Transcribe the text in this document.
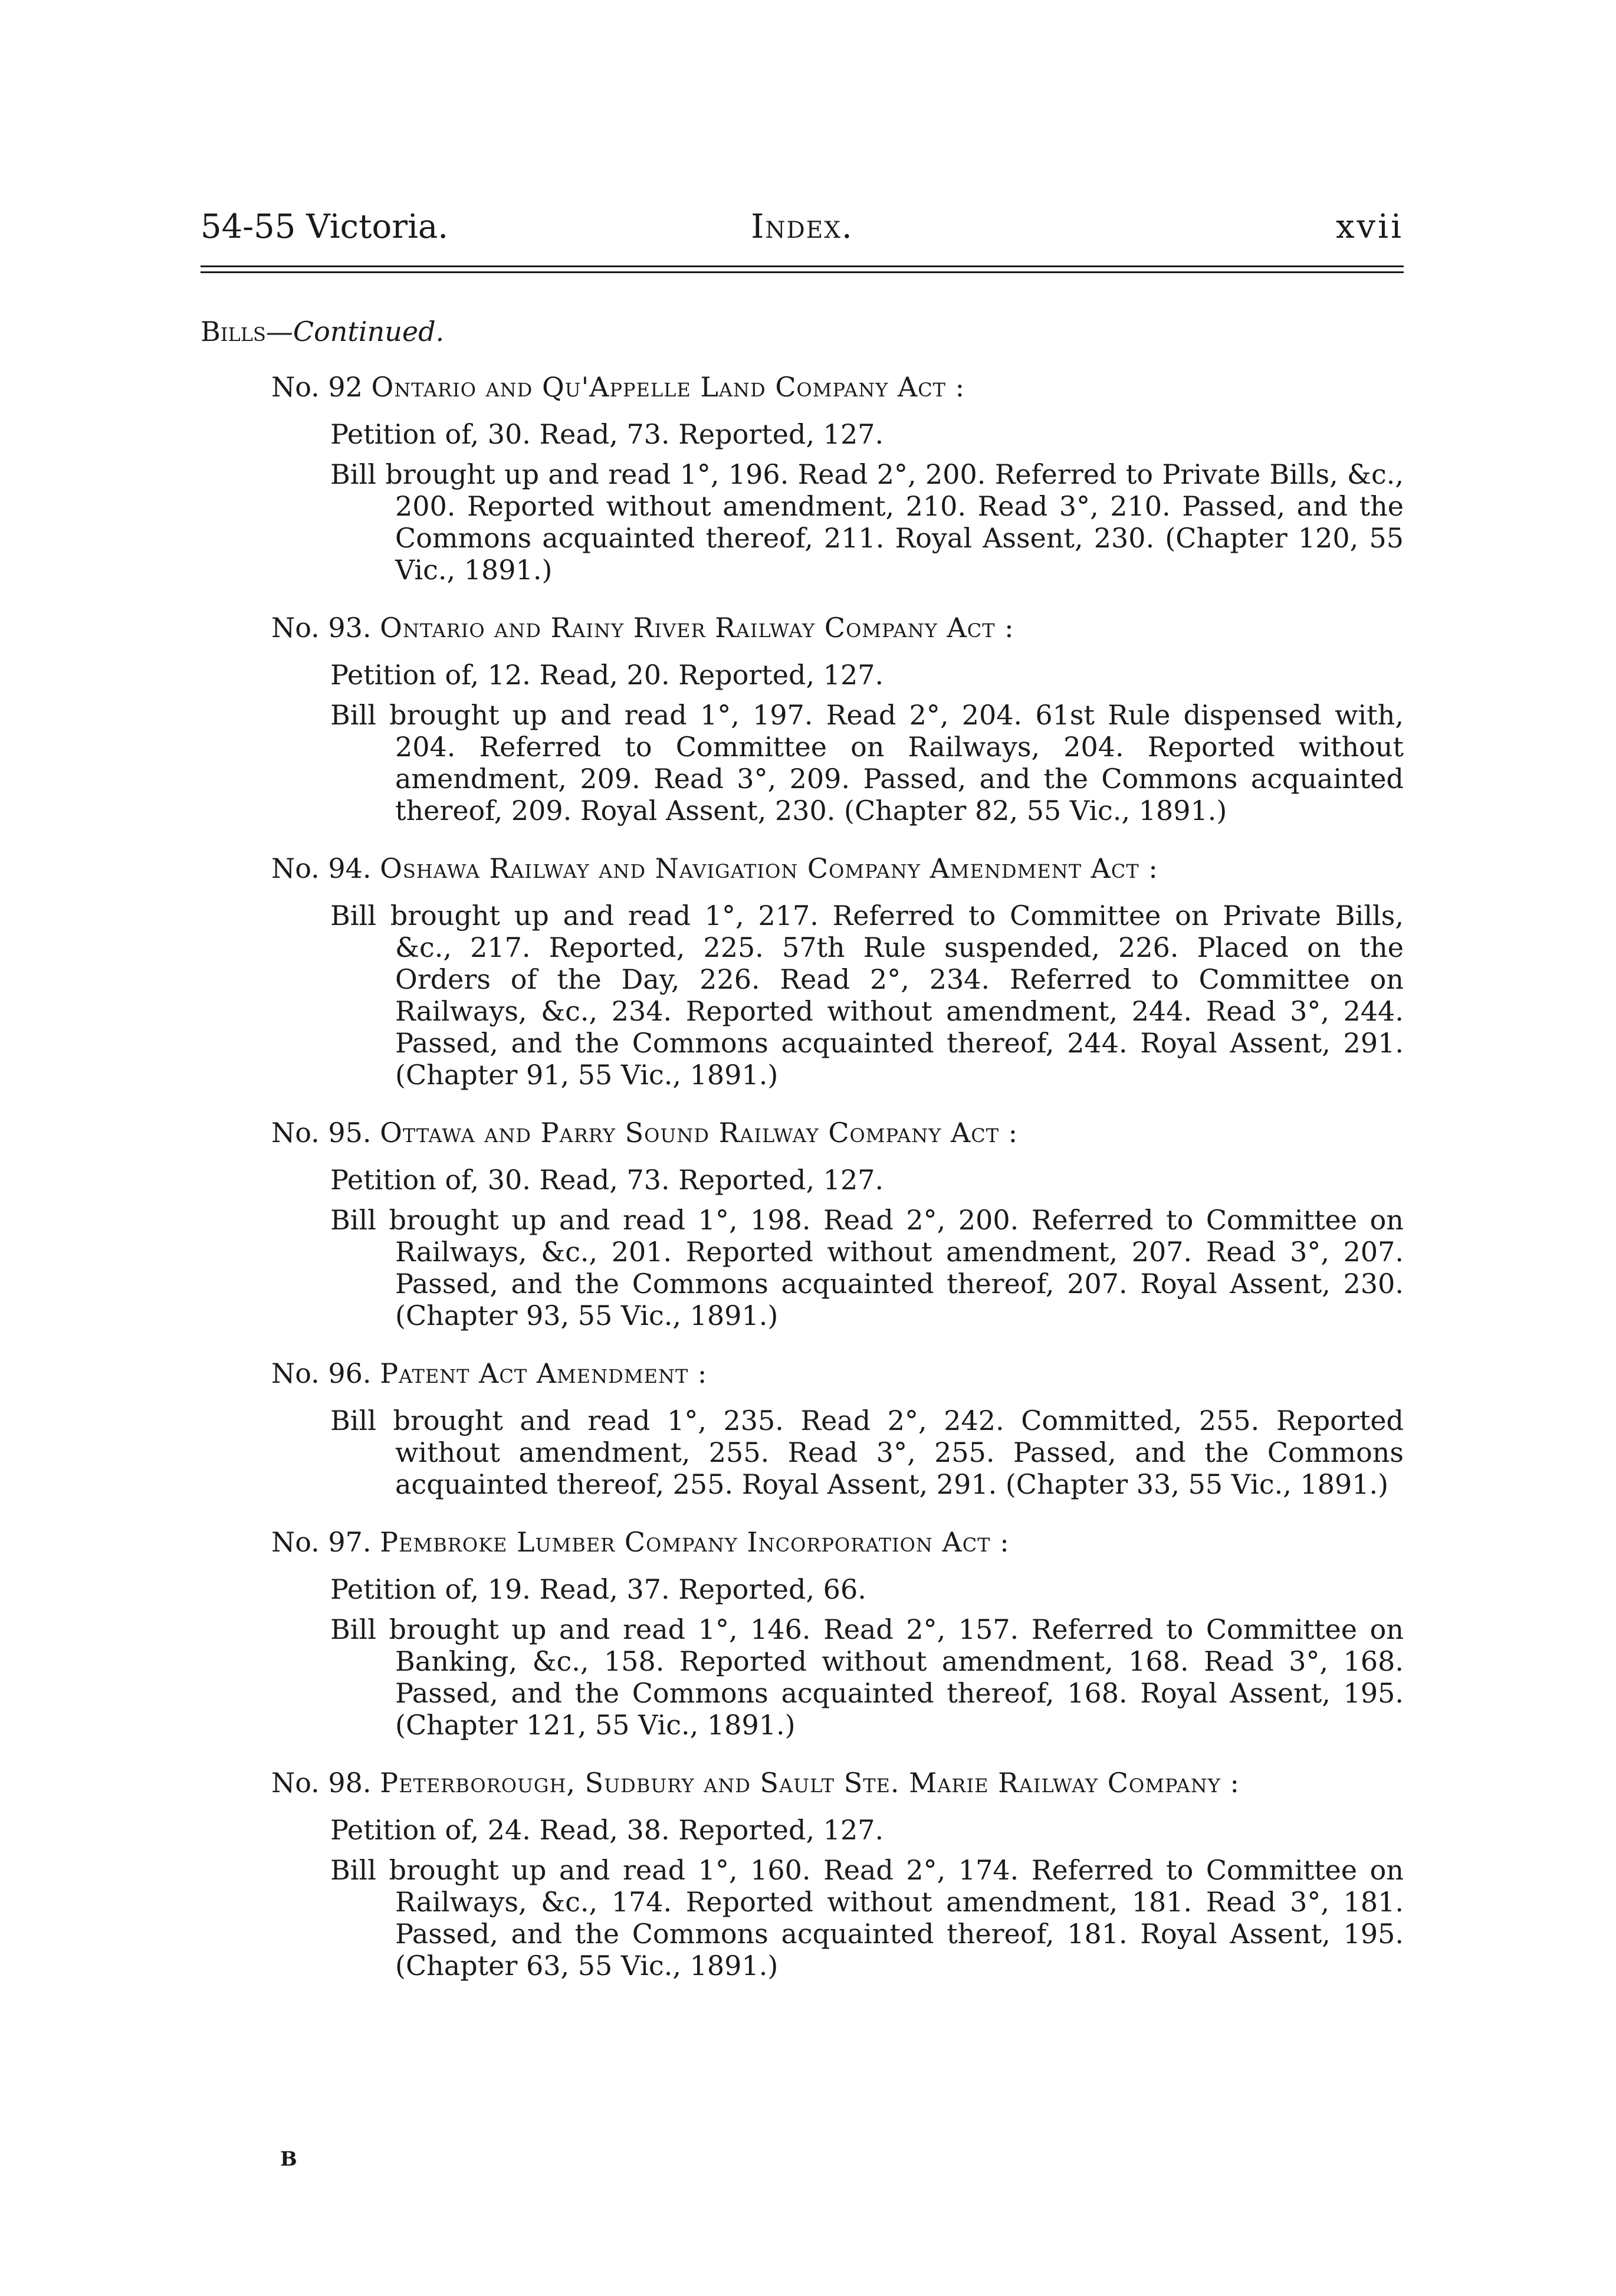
54-55 Victoria.	Index.	xvii
Bills—Continued.
No. 92 Ontario and Qu'Appelle Land Company Act :
Petition of, 30. Read, 73. Reported, 127.
Bill brought up and read 1°, 196. Read 2°, 200. Referred to Private Bills, &c., 200. Reported without amendment, 210. Read 3°, 210. Passed, and the Commons acquainted thereof, 211. Royal Assent, 230. (Chapter 120, 55 Vic., 1891.)
No. 93. Ontario and Rainy River Railway Company Act :
Petition of, 12. Read, 20. Reported, 127.
Bill brought up and read 1°, 197. Read 2°, 204. 61st Rule dispensed with, 204. Referred to Committee on Railways, 204. Reported without amendment, 209. Read 3°, 209. Passed, and the Commons acquainted thereof, 209. Royal Assent, 230. (Chapter 82, 55 Vic., 1891.)
No. 94. Oshawa Railway and Navigation Company Amendment Act :
Bill brought up and read 1°, 217. Referred to Committee on Private Bills, &c., 217. Reported, 225. 57th Rule suspended, 226. Placed on the Orders of the Day, 226. Read 2°, 234. Referred to Committee on Railways, &c., 234. Reported without amendment, 244. Read 3°, 244. Passed, and the Commons acquainted thereof, 244. Royal Assent, 291. (Chapter 91, 55 Vic., 1891.)
No. 95. Ottawa and Parry Sound Railway Company Act :
Petition of, 30. Read, 73. Reported, 127.
Bill brought up and read 1°, 198. Read 2°, 200. Referred to Committee on Railways, &c., 201. Reported without amendment, 207. Read 3°, 207. Passed, and the Commons acquainted thereof, 207. Royal Assent, 230. (Chapter 93, 55 Vic., 1891.)
No. 96. Patent Act Amendment :
Bill brought and read 1°, 235. Read 2°, 242. Committed, 255. Reported without amendment, 255. Read 3°, 255. Passed, and the Commons acquainted thereof, 255. Royal Assent, 291. (Chapter 33, 55 Vic., 1891.)
No. 97. Pembroke Lumber Company Incorporation Act :
Petition of, 19. Read, 37. Reported, 66.
Bill brought up and read 1°, 146. Read 2°, 157. Referred to Committee on Banking, &c., 158. Reported without amendment, 168. Read 3°, 168. Passed, and the Commons acquainted thereof, 168. Royal Assent, 195. (Chapter 121, 55 Vic., 1891.)
No. 98. Peterborough, Sudbury and Sault Ste. Marie Railway Company :
Petition of, 24. Read, 38. Reported, 127.
Bill brought up and read 1°, 160. Read 2°, 174. Referred to Committee on Railways, &c., 174. Reported without amendment, 181. Read 3°, 181. Passed, and the Commons acquainted thereof, 181. Royal Assent, 195. (Chapter 63, 55 Vic., 1891.)
B
